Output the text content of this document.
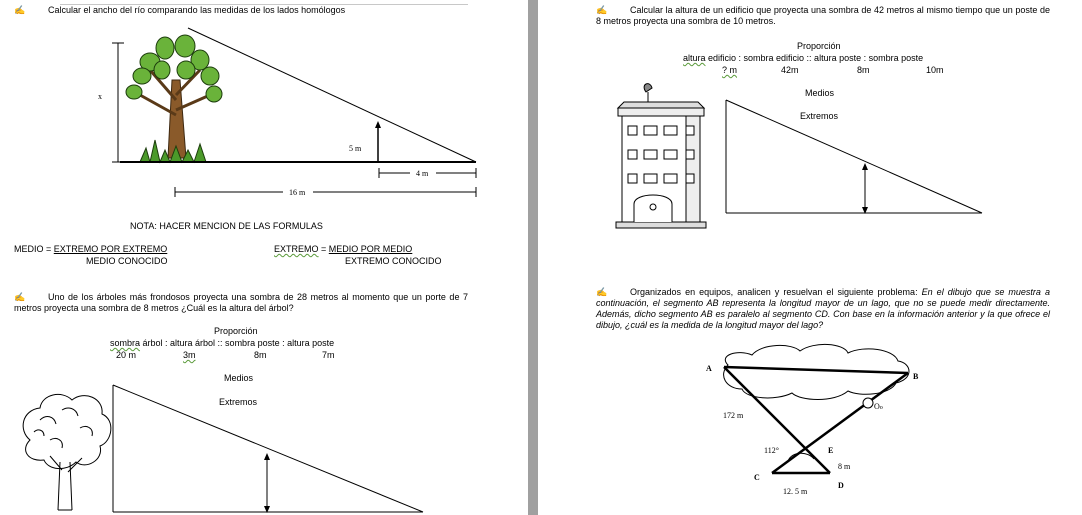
✍	Calcular el ancho del río comparando las medidas de los lados homólogos
x
5 m
4 m
16 m
NOTA: HACER MENCION DE LAS FORMULAS
MEDIO = EXTREMO POR EXTREMO
MEDIO CONOCIDO
EXTREMO = MEDIO POR MEDIO
EXTREMO CONOCIDO
✍	Uno de los árboles más frondosos proyecta una sombra de 28 metros al momento que un porte de 7 metros proyecta una sombra de 8 metros ¿Cuál es la altura del árbol?
Proporción
sombra árbol : altura árbol :: sombra poste : altura poste
20 m	3m	8m	7m
Medios
Extremos
✍	Calcular la altura de un edificio que proyecta una sombra de 42 metros al mismo tiempo que un poste de 8 metros proyecta una sombra de 10 metros.
Proporción
altura edificio : sombra edificio :: altura poste : sombra poste
? m	42m	8m	10m
Medios
Extremos
✍	Organizados en equipos, analicen y resuelvan el siguiente problema: En el dibujo que se muestra a continuación, el segmento AB representa la longitud mayor de un lago, que no se puede medir directamente. Además, dicho segmento AB es paralelo al segmento CD. Con base en la información anterior y la que ofrece el dibujo, ¿cuál es la medida de la longitud mayor del lago?
A
B
Oo
172 m
112°	E
8 m
C
D
12. 5 m
